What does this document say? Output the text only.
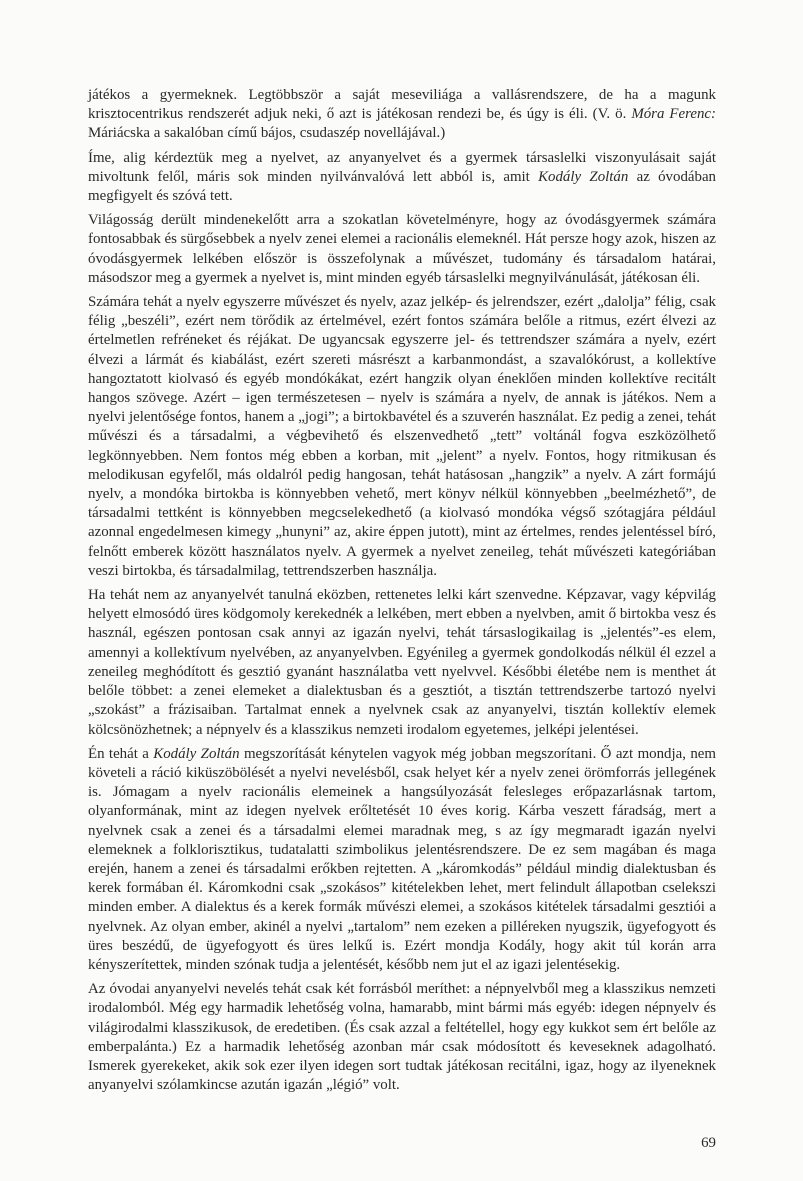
játékos a gyermeknek. Legtöbbször a saját meseviliága a vallásrendszere, de ha a magunk krisztocentrikus rendszerét adjuk neki, ő azt is játékosan rendezi be, és úgy is éli. (V. ö. Móra Ferenc: Máriácska a sakalóban című bájos, csudaszép novellájával.)

Íme, alig kérdeztük meg a nyelvet, az anyanyelvet és a gyermek társaslelki viszonyulásait saját mivoltunk felől, máris sok minden nyilvánvalóvá lett abból is, amit Kodály Zoltán az óvodában megfigyelt és szóvá tett.

Világosság derült mindenekelőtt arra a szokatlan követelményre, hogy az óvodásgyermek számára fontosabbak és sürgősebbek a nyelv zenei elemei a racionális elemeknél. Hát persze hogy azok, hiszen az óvodásgyermek lelkében először is összefolynak a művészet, tudomány és társadalom határai, másodszor meg a gyermek a nyelvet is, mint minden egyéb társaslelki megnyilvánulását, játékosan éli.

Számára tehát a nyelv egyszerre művészet és nyelv, azaz jelkép- és jelrendszer, ezért „dalolja” félig, csak félig „beszéli”, ezért nem törődik az értelmével, ezért fontos számára belőle a ritmus, ezért élvezi az értelmetlen refréneket és réjákat. De ugyancsak egyszerre jel- és tettrendszer számára a nyelv, ezért élvezi a lármát és kiabálást, ezért szereti másrészt a karbanmondást, a szavalókórust, a kollektíve hangoztatott kiolvasó és egyéb mondókákat, ezért hangzik olyan éneklően minden kollektíve recitált hangos szövege. Azért – igen természetesen – nyelv is számára a nyelv, de annak is játékos. Nem a nyelvi jelentősége fontos, hanem a „jogi”; a birtokbavétel és a szuverén használat. Ez pedig a zenei, tehát művészi és a társadalmi, a végbevihető és elszenvedhető „tett” voltánál fogva eszközölhető legkönnyebben. Nem fontos még ebben a korban, mit „jelent” a nyelv. Fontos, hogy ritmikusan és melodikusan egyfelől, más oldalról pedig hangosan, tehát hatásosan „hangzik” a nyelv. A zárt formájú nyelv, a mondóka birtokba is könnyebben vehető, mert könyv nélkül könnyebben „beelmézhető”, de társadalmi tettként is könnyebben megcselekedhető (a kiolvasó mondóka végső szótagjára például azonnal engedelmesen kimegy „hunyni” az, akire éppen jutott), mint az értelmes, rendes jelentéssel bíró, felnőtt emberek között használatos nyelv. A gyermek a nyelvet zeneileg, tehát művészeti kategóriában veszi birtokba, és társadalmilag, tettrendszerben használja.

Ha tehát nem az anyanyelvét tanulná eközben, rettenetes lelki kárt szenvedne. Képzavar, vagy képvilág helyett elmosódó üres ködgomoly kerekednék a lelkében, mert ebben a nyelvben, amit ő birtokba vesz és használ, egészen pontosan csak annyi az igazán nyelvi, tehát társaslogikailag is „jelentés”-es elem, amennyi a kollektívum nyelvében, az anyanyelvben. Egyénileg a gyermek gondolkodás nélkül él ezzel a zeneileg meghódított és gesztió gyanánt használatba vett nyelvvel. Későbbi életébe nem is menthet át belőle többet: a zenei elemeket a dialektusban és a gesztiót, a tisztán tettrendszerbe tartozó nyelvi „szokást” a frázisaiban. Tartalmat ennek a nyelvnek csak az anyanyelvi, tisztán kollektív elemek kölcsönözhetnek; a népnyelv és a klasszikus nemzeti irodalom egyetemes, jelképi jelentései.

Én tehát a Kodály Zoltán megszorítását kénytelen vagyok még jobban megszorítani. Ő azt mondja, nem követeli a ráció kiküszöbölését a nyelvi nevelésből, csak helyet kér a nyelv zenei örömforrás jellegének is. Jómagam a nyelv racionális elemeinek a hangsúlyozását felesleges erőpazarlásnak tartom, olyanformának, mint az idegen nyelvek erőltetését 10 éves korig. Kárba veszett fáradság, mert a nyelvnek csak a zenei és a társadalmi elemei maradnak meg, s az így megmaradt igazán nyelvi elemeknek a folklorisztikus, tudatalatti szimbolikus jelentésrendszere. De ez sem magában és maga erején, hanem a zenei és társadalmi erőkben rejtetten. A „káromkodás” például mindig dialektusban és kerek formában él. Káromkodni csak „szokásos” kitételekben lehet, mert felindult állapotban cselekszi minden ember. A dialektus és a kerek formák művészi elemei, a szokásos kitételek társadalmi gesztiói a nyelvnek. Az olyan ember, akinél a nyelvi „tartalom” nem ezeken a pilléreken nyugszik, ügyefogyott és üres beszédű, de ügyefogyott és üres lelkű is. Ezért mondja Kodály, hogy akit túl korán arra kényszerítettek, minden szónak tudja a jelentését, később nem jut el az igazi jelentésekig.

Az óvodai anyanyelvi nevelés tehát csak két forrásból meríthet: a népnyelvből meg a klasszikus nemzeti irodalomból. Még egy harmadik lehetőség volna, hamarabb, mint bármi más egyéb: idegen népnyelv és világirodalmi klasszikusok, de eredetiben. (És csak azzal a feltétellel, hogy egy kukkot sem ért belőle az emberpalánta.) Ez a harmadik lehetőség azonban már csak módosított és keveseknek adagolható. Ismerek gyerekeket, akik sok ezer ilyen idegen sort tudtak játékosan recitálni, igaz, hogy az ilyeneknek anyanyelvi szólamkincse azután igazán „légió” volt.

69
